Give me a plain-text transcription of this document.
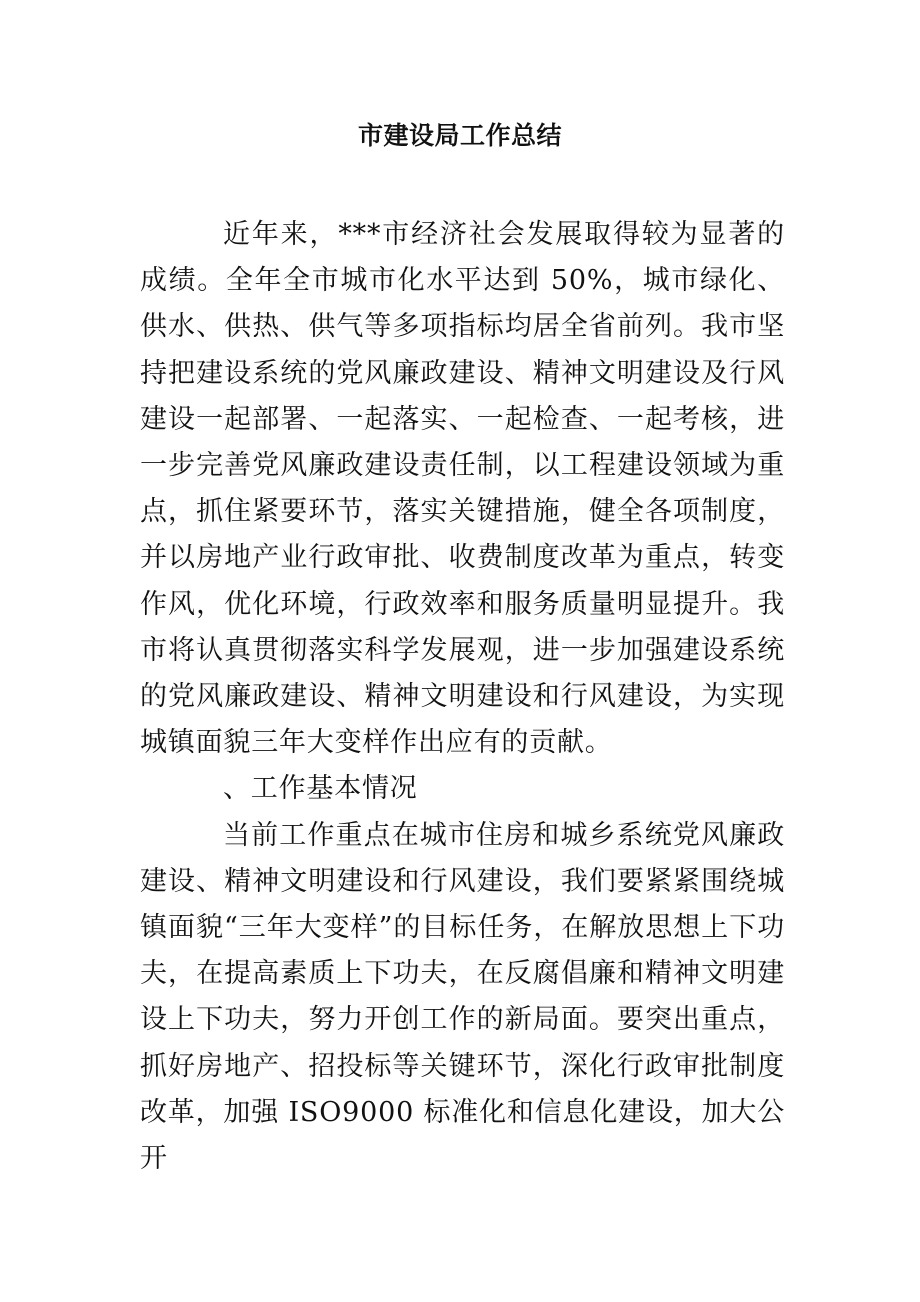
市建设局工作总结

近年来，***市经济社会发展取得较为显著的成绩。全年全市城市化水平达到 50%，城市绿化、供水、供热、供气等多项指标均居全省前列。我市坚持把建设系统的党风廉政建设、精神文明建设及行风建设一起部署、一起落实、一起检查、一起考核，进一步完善党风廉政建设责任制，以工程建设领域为重点，抓住紧要环节，落实关键措施，健全各项制度，并以房地产业行政审批、收费制度改革为重点，转变作风，优化环境，行政效率和服务质量明显提升。我市将认真贯彻落实科学发展观，进一步加强建设系统的党风廉政建设、精神文明建设和行风建设，为实现城镇面貌三年大变样作出应有的贡献。

、工作基本情况

当前工作重点在城市住房和城乡系统党风廉政建设、精神文明建设和行风建设，我们要紧紧围绕城镇面貌“三年大变样”的目标任务，在解放思想上下功夫，在提高素质上下功夫，在反腐倡廉和精神文明建设上下功夫，努力开创工作的新局面。要突出重点，抓好房地产、招投标等关键环节，深化行政审批制度改革，加强 ISO9000 标准化和信息化建设，加大公开
